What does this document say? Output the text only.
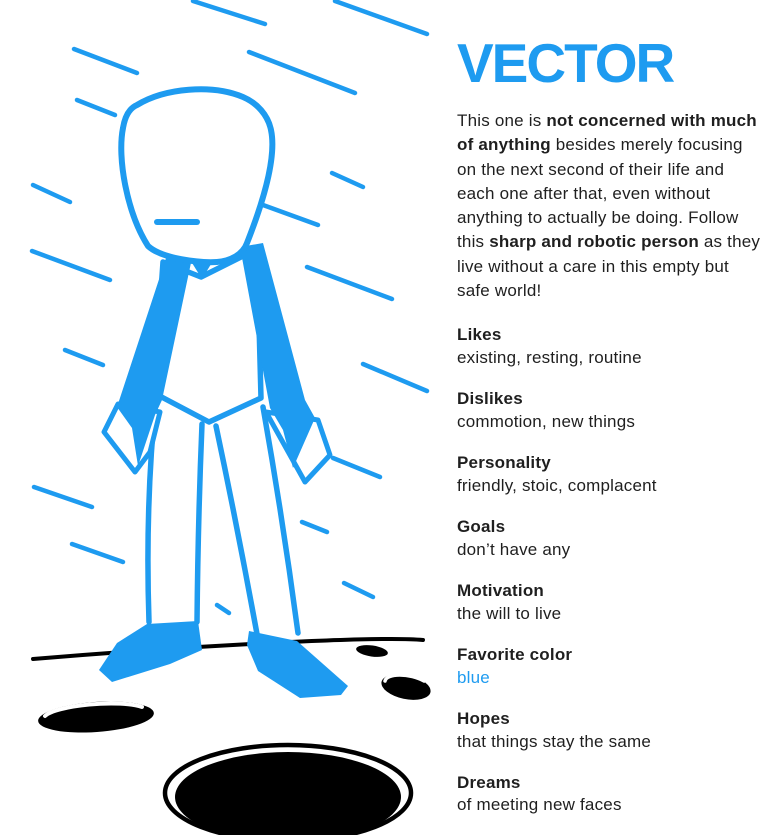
VECTOR

This one is not concerned with much of anything besides merely focusing on the next second of their life and each one after that, even without anything to actually be doing. Follow this sharp and robotic person as they live without a care in this empty but safe world!

Likes
existing, resting, routine
Dislikes
commotion, new things
Personality
friendly, stoic, complacent
Goals
don’t have any
Motivation
the will to live
Favorite color
blue
Hopes
that things stay the same
Dreams
of meeting new faces
